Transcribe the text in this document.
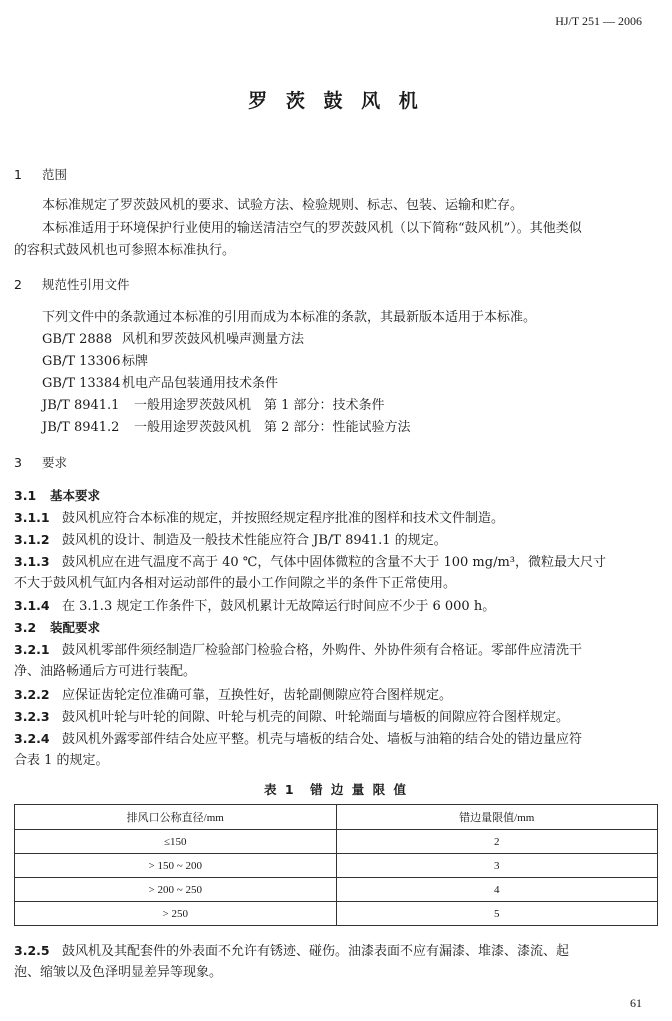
HJ/T 251 — 2006
罗 茨 鼓 风 机
1 范围
本标准规定了罗茨鼓风机的要求、试验方法、检验规则、标志、包装、运输和贮存。
本标准适用于环境保护行业使用的输送清洁空气的罗茨鼓风机（以下简称“鼓风机”）。其他类似
的容积式鼓风机也可参照本标准执行。
2 规范性引用文件
下列文件中的条款通过本标准的引用而成为本标准的条款，其最新版本适用于本标准。
GB/T 2888 风机和罗茨鼓风机噪声测量方法
GB/T 13306 标牌
GB/T 13384 机电产品包装通用技术条件
JB/T 8941.1 一般用途罗茨鼓风机　第 1 部分：技术条件
JB/T 8941.2 一般用途罗茨鼓风机　第 2 部分：性能试验方法
3 要求
3.1 基本要求
3.1.1 鼓风机应符合本标准的规定，并按照经规定程序批准的图样和技术文件制造。
3.1.2 鼓风机的设计、制造及一般技术性能应符合 JB/T 8941.1 的规定。
3.1.3 鼓风机应在进气温度不高于 40 ℃，气体中固体微粒的含量不大于 100 mg/m³，微粒最大尺寸
不大于鼓风机气缸内各相对运动部件的最小工作间隙之半的条件下正常使用。
3.1.4 在 3.1.3 规定工作条件下，鼓风机累计无故障运行时间应不少于 6 000 h。
3.2 装配要求
3.2.1 鼓风机零部件须经制造厂检验部门检验合格，外购件、外协件须有合格证。零部件应清洗干
净、油路畅通后方可进行装配。
3.2.2 应保证齿轮定位准确可靠，互换性好，齿轮副侧隙应符合图样规定。
3.2.3 鼓风机叶轮与叶轮的间隙、叶轮与机壳的间隙、叶轮端面与墙板的间隙应符合图样规定。
3.2.4 鼓风机外露零部件结合处应平整。机壳与墙板的结合处、墙板与油箱的结合处的错边量应符
合表 1 的规定。
表 1　错 边 量 限 值
排风口公称直径/mm	错边量限值/mm
≤150	2
> 150 ~ 200	3
> 200 ~ 250	4
> 250	5
3.2.5 鼓风机及其配套件的外表面不允许有锈迹、碰伤。油漆表面不应有漏漆、堆漆、漆流、起
泡、缩皱以及色泽明显差异等现象。
61
